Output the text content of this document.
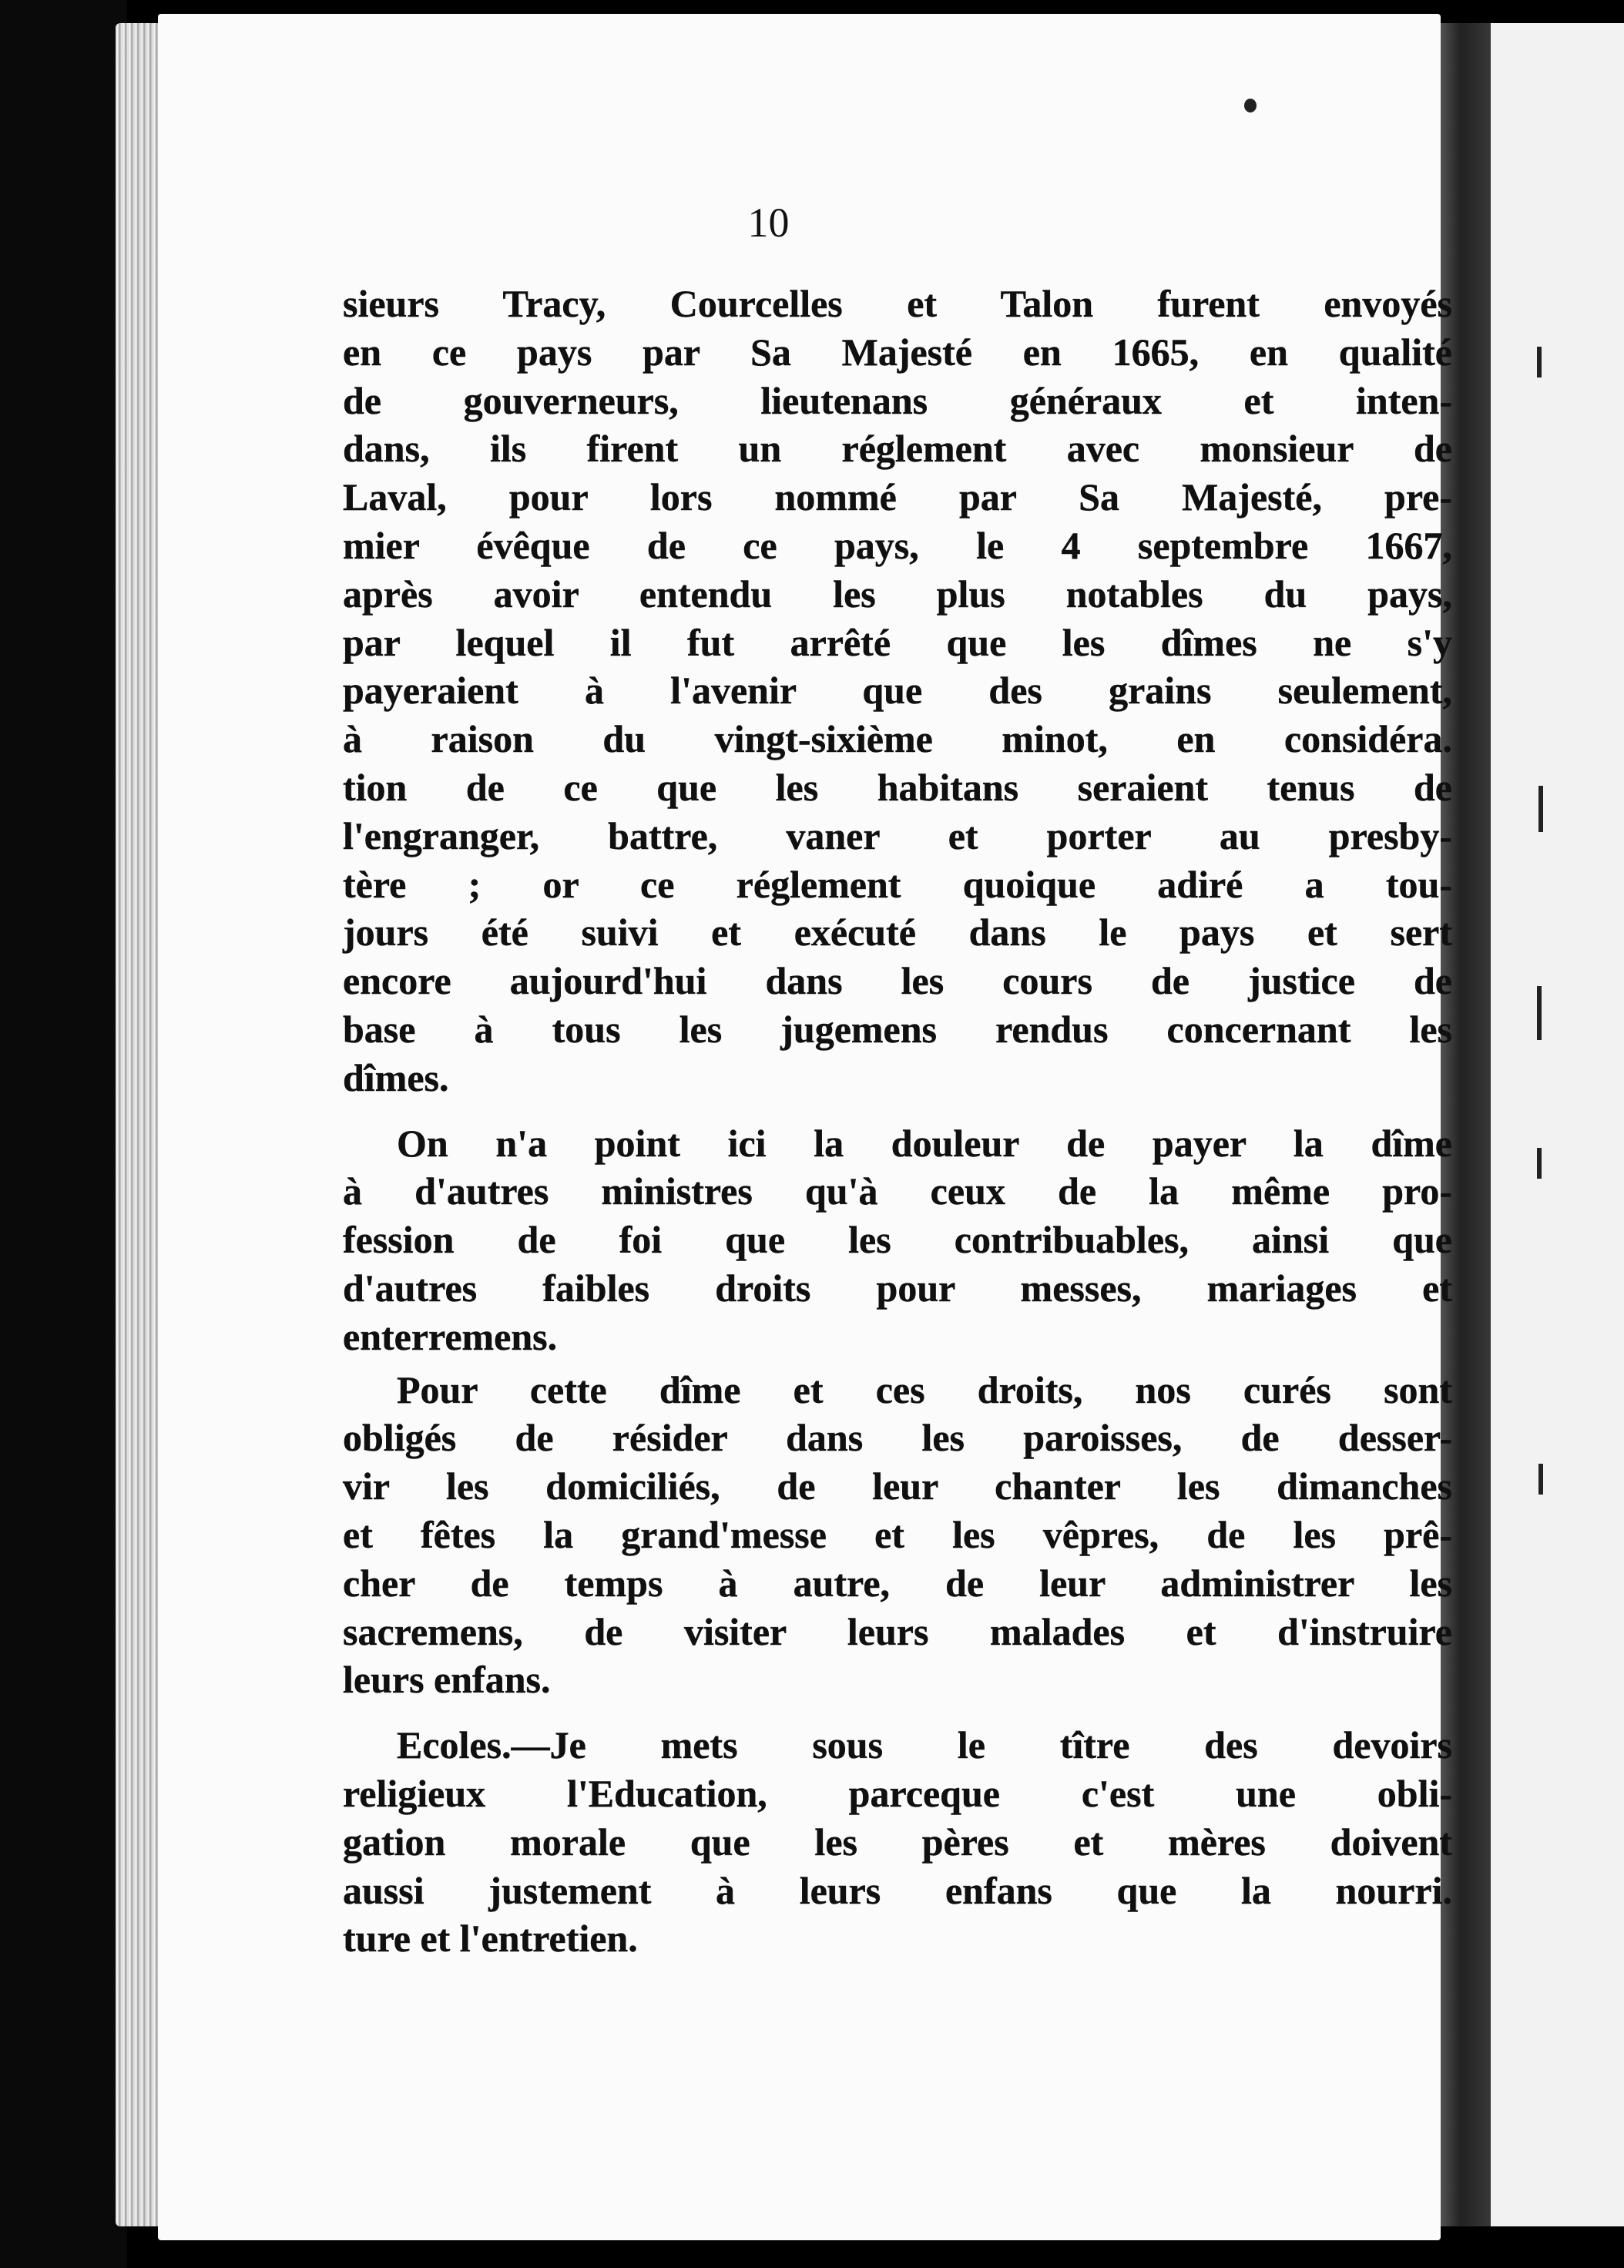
10
sieurs Tracy, Courcelles et Talon furent envoyés
en ce pays par Sa Majesté en 1665, en qualité
de gouverneurs, lieutenans généraux et inten-
dans, ils firent un réglement avec monsieur de
Laval, pour lors nommé par Sa Majesté, pre-
mier évêque de ce pays, le 4 septembre 1667,
après avoir entendu les plus notables du pays,
par lequel il fut arrêté que les dîmes ne s'y
payeraient à l'avenir que des grains seulement,
à raison du vingt-sixième minot, en considéra.
tion de ce que les habitans seraient tenus de
l'engranger, battre, vaner et porter au presby-
tère ; or ce réglement quoique adiré a tou-
jours été suivi et exécuté dans le pays et sert
encore aujourd'hui dans les cours de justice de
base à tous les jugemens rendus concernant les
dîmes.
On n'a point ici la douleur de payer la dîme
à d'autres ministres qu'à ceux de la même pro-
fession de foi que les contribuables, ainsi que
d'autres faibles droits pour messes, mariages et
enterremens.
Pour cette dîme et ces droits, nos curés sont
obligés de résider dans les paroisses, de desser-
vir les domiciliés, de leur chanter les dimanches
et fêtes la grand'messe et les vêpres, de les prê-
cher de temps à autre, de leur administrer les
sacremens, de visiter leurs malades et d'instruire
leurs enfans.
Ecoles.—Je mets sous le tître des devoirs
religieux l'Education, parceque c'est une obli-
gation morale que les pères et mères doivent
aussi justement à leurs enfans que la nourri.
ture et l'entretien.
